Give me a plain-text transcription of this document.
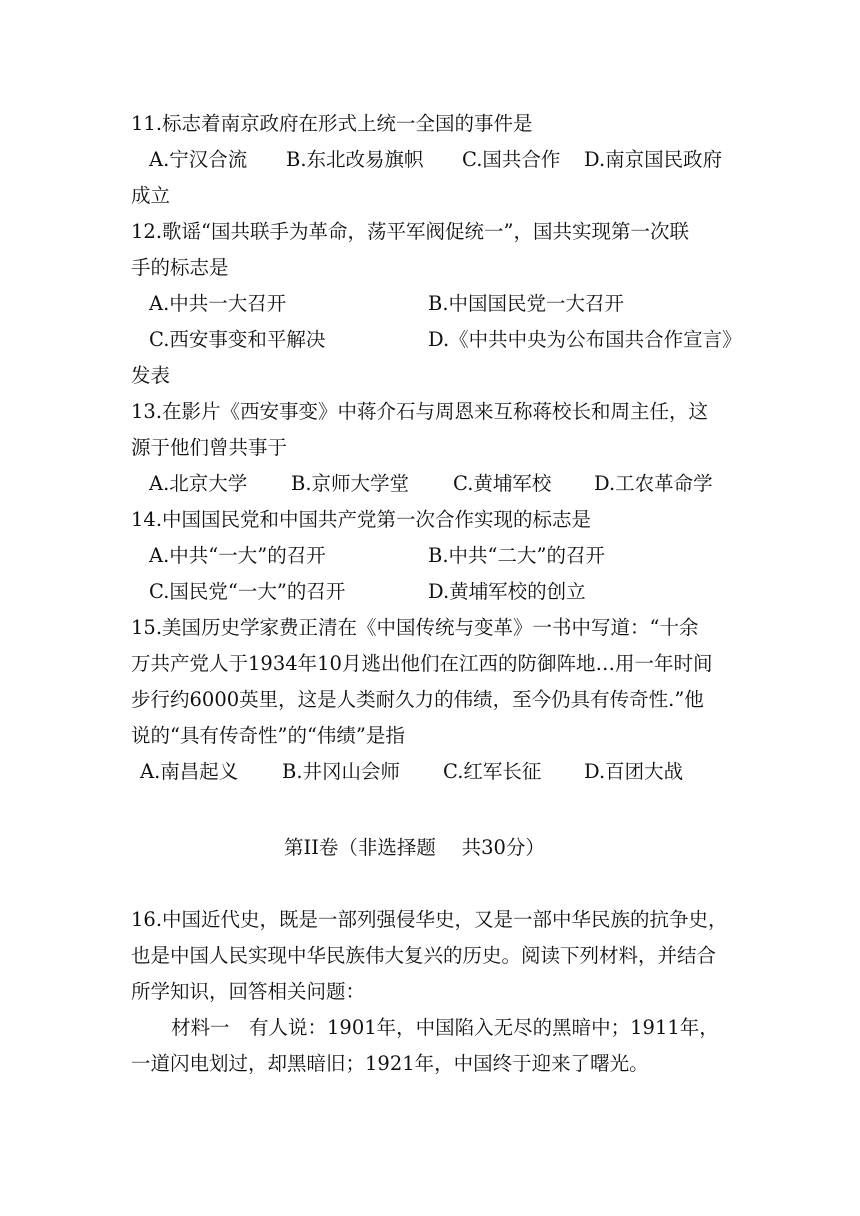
11.标志着南京政府在形式上统一全国的事件是
A.宁汉合流 B.东北改易旗帜 C.国共合作 D.南京国民政府
成立
12.歌谣“国共联手为革命，荡平军阀促统一”，国共实现第一次联
手的标志是
A.中共一大召开	B.中国国民党一大召开
C.西安事变和平解决	D.《中共中央为公布国共合作宣言》
发表
13.在影片《西安事变》中蒋介石与周恩来互称蒋校长和周主任，这
源于他们曾共事于
A.北京大学 B.京师大学堂 C.黄埔军校 D.工农革命学
14.中国国民党和中国共产党第一次合作实现的标志是
A.中共“一大”的召开	B.中共“二大”的召开
C.国民党“一大”的召开	D.黄埔军校的创立
15.美国历史学家费正清在《中国传统与变革》一书中写道：“十余
万共产党人于1934年10月逃出他们在江西的防御阵地…用一年时间
步行约6000英里，这是人类耐久力的伟绩，至今仍具有传奇性.”他
说的“具有传奇性”的“伟绩”是指
A.南昌起义 B.井冈山会师 C.红军长征 D.百团大战
第II卷（非选择题　 共30分）
16.中国近代史，既是一部列强侵华史，又是一部中华民族的抗争史，
也是中国人民实现中华民族伟大复兴的历史。阅读下列材料，并结合
所学知识，回答相关问题：
材料一　有人说：1901年，中国陷入无尽的黑暗中；1911年，
一道闪电划过，却黑暗旧；1921年，中国终于迎来了曙光。
